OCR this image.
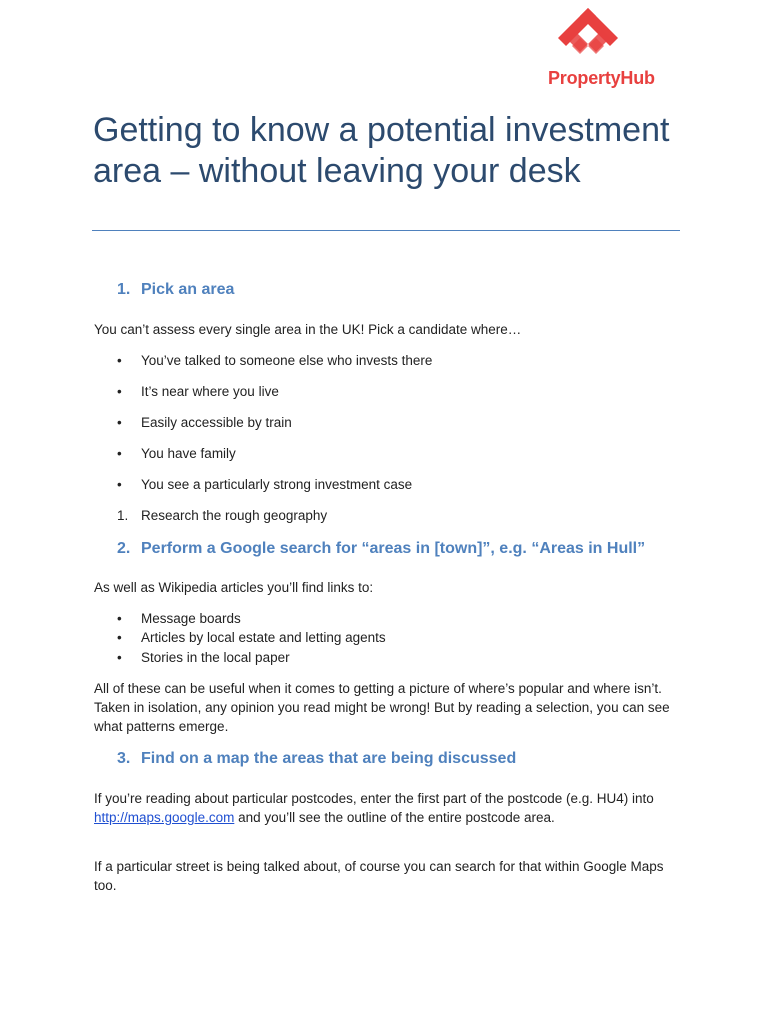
PropertyHub
Getting to know a potential investment area – without leaving your desk
1. Pick an area

You can’t assess every single area in the UK! Pick a candidate where…

• You’ve talked to someone else who invests there
• It’s near where you live
• Easily accessible by train
• You have family
• You see a particularly strong investment case
1. Research the rough geography
2. Perform a Google search for “areas in [town]”, e.g. “Areas in Hull”

As well as Wikipedia articles you’ll find links to:

• Message boards
• Articles by local estate and letting agents
• Stories in the local paper

All of these can be useful when it comes to getting a picture of where’s popular and where isn’t. Taken in isolation, any opinion you read might be wrong! But by reading a selection, you can see what patterns emerge.

3. Find on a map the areas that are being discussed

If you’re reading about particular postcodes, enter the first part of the postcode (e.g. HU4) into http://maps.google.com and you’ll see the outline of the entire postcode area.

If a particular street is being talked about, of course you can search for that within Google Maps too.
